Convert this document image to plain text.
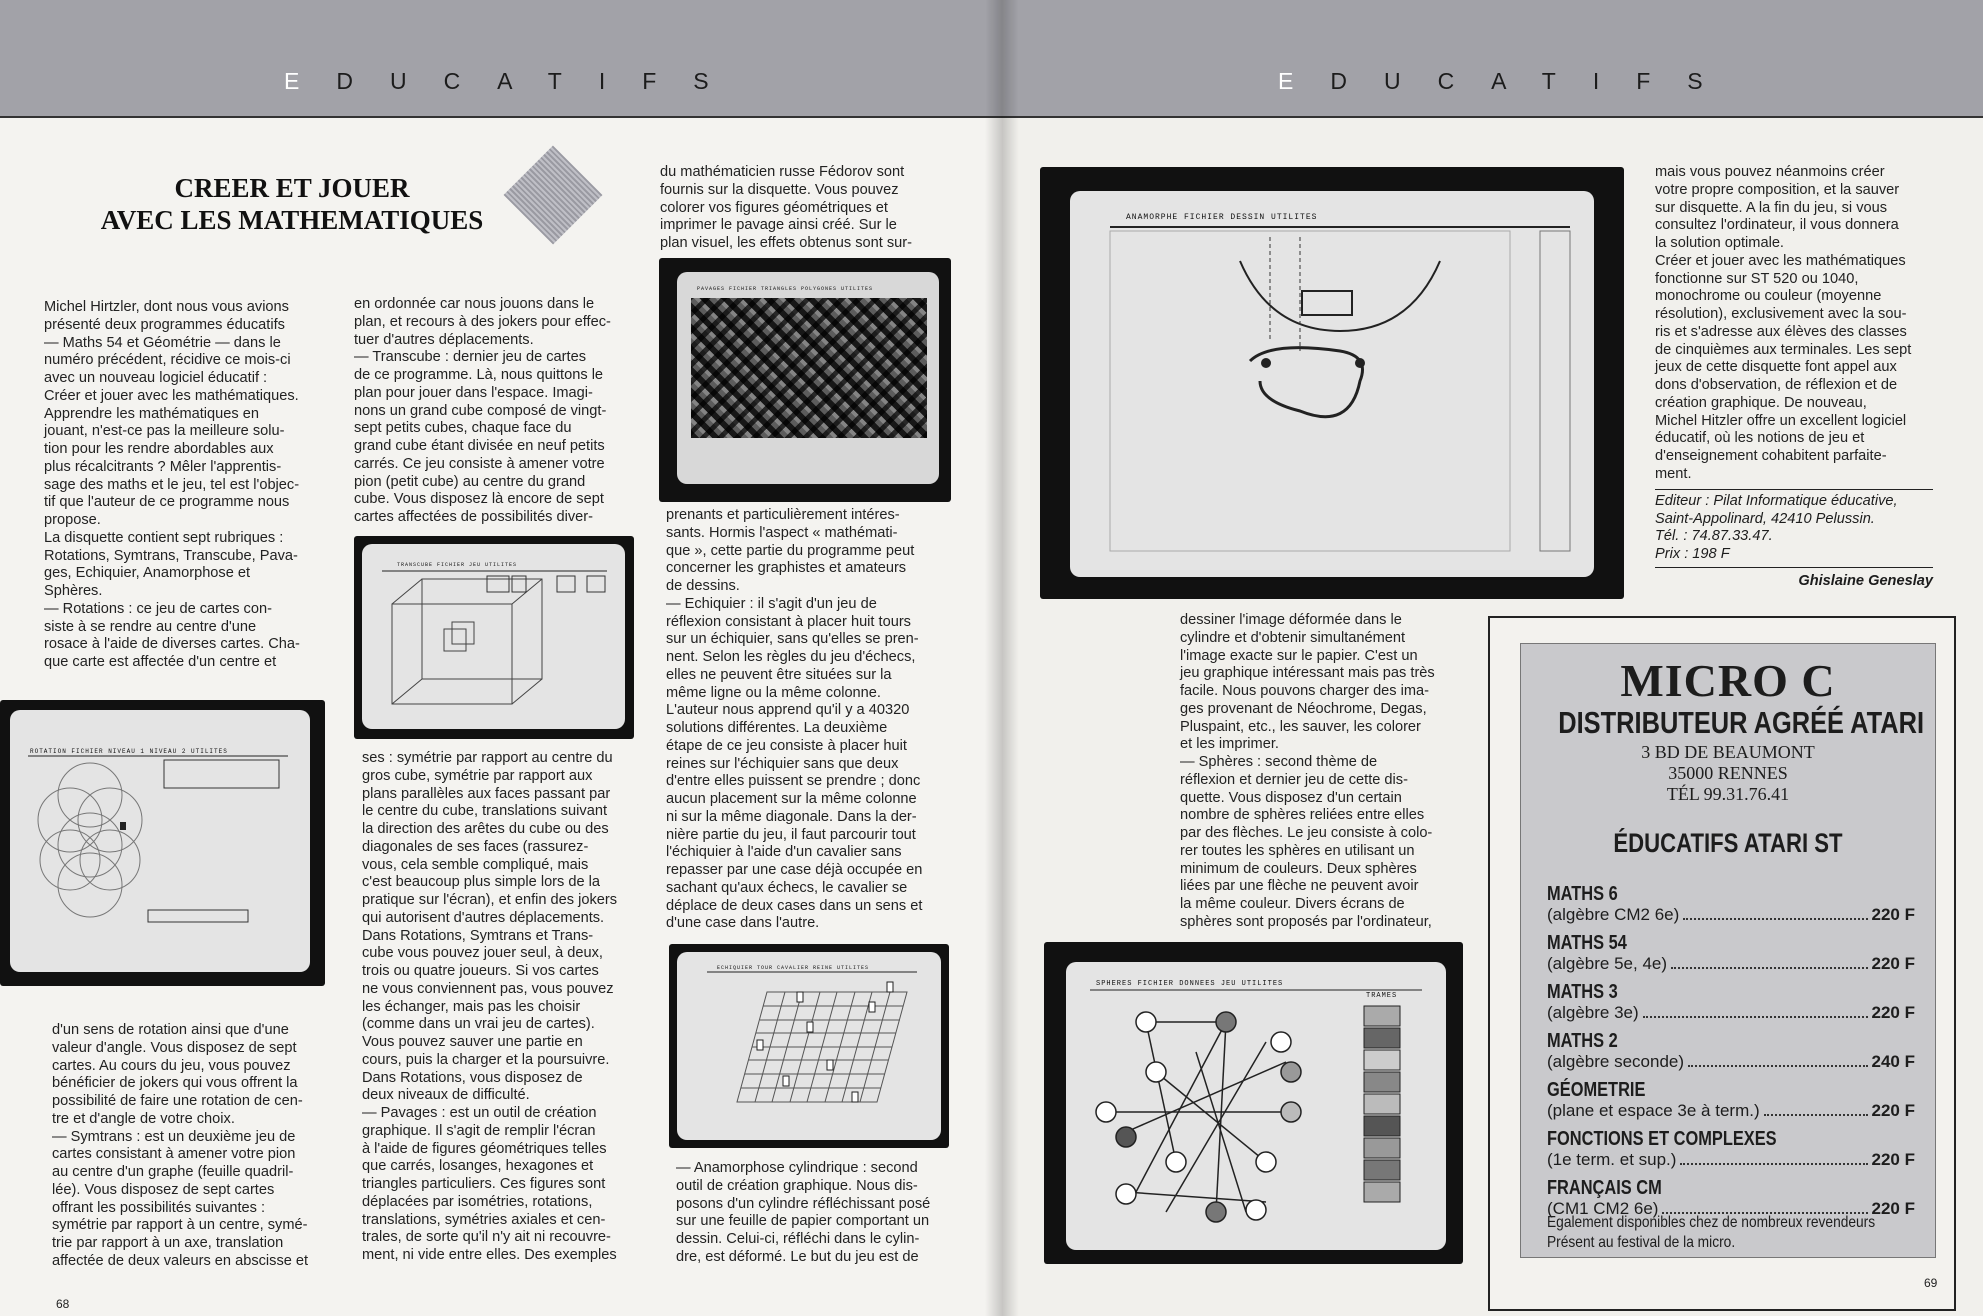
EDUCATIFS
CREER ET JOUER
AVEC LES MATHEMATIQUES

Michel Hirtzler, dont nous vous avions

présenté deux programmes éducatifs

— Maths 54 et Géométrie — dans le

numéro précédent, récidive ce mois-ci

avec un nouveau logiciel éducatif :

Créer et jouer avec les mathématiques.

Apprendre les mathématiques en

jouant, n'est-ce pas la meilleure solu-

tion pour les rendre abordables aux

plus récalcitrants ? Mêler l'apprentis-

sage des maths et le jeu, tel est l'objec-

tif que l'auteur de ce programme nous

propose.

La disquette contient sept rubriques :

Rotations, Symtrans, Transcube, Pava-

ges, Echiquier, Anamorphose et

Sphères.

— Rotations : ce jeu de cartes con-

siste à se rendre au centre d'une

rosace à l'aide de diverses cartes. Cha-

que carte est affectée d'un centre et

ROTATION FICHIER NIVEAU 1 NIVEAU 2 UTILITES

d'un sens de rotation ainsi que d'une

valeur d'angle. Vous disposez de sept

cartes. Au cours du jeu, vous pouvez

bénéficier de jokers qui vous offrent la

possibilité de faire une rotation de cen-

tre et d'angle de votre choix.

— Symtrans : est un deuxième jeu de

cartes consistant à amener votre pion

au centre d'un graphe (feuille quadril-

lée). Vous disposez de sept cartes

offrant les possibilités suivantes :

symétrie par rapport à un centre, symé-

trie par rapport à un axe, translation

affectée de deux valeurs en abscisse et

en ordonnée car nous jouons dans le

plan, et recours à des jokers pour effec-

tuer d'autres déplacements.

— Transcube : dernier jeu de cartes

de ce programme. Là, nous quittons le

plan pour jouer dans l'espace. Imagi-

nons un grand cube composé de vingt-

sept petits cubes, chaque face du

grand cube étant divisée en neuf petits

carrés. Ce jeu consiste à amener votre

pion (petit cube) au centre du grand

cube. Vous disposez là encore de sept

cartes affectées de possibilités diver-

TRANSCUBE FICHIER JEU UTILITES

ses : symétrie par rapport au centre du

gros cube, symétrie par rapport aux

plans parallèles aux faces passant par

le centre du cube, translations suivant

la direction des arêtes du cube ou des

diagonales de ses faces (rassurez-

vous, cela semble compliqué, mais

c'est beaucoup plus simple lors de la

pratique sur l'écran), et enfin des jokers

qui autorisent d'autres déplacements.

Dans Rotations, Symtrans et Trans-

cube vous pouvez jouer seul, à deux,

trois ou quatre joueurs. Si vos cartes

ne vous conviennent pas, vous pouvez

les échanger, mais pas les choisir

(comme dans un vrai jeu de cartes).

Vous pouvez sauver une partie en

cours, puis la charger et la poursuivre.

Dans Rotations, vous disposez de

deux niveaux de difficulté.

— Pavages : est un outil de création

graphique. Il s'agit de remplir l'écran

à l'aide de figures géométriques telles

que carrés, losanges, hexagones et

triangles particuliers. Ces figures sont

déplacées par isométries, rotations,

translations, symétries axiales et cen-

trales, de sorte qu'il n'y ait ni recouvre-

ment, ni vide entre elles. Des exemples

du mathématicien russe Fédorov sont

fournis sur la disquette. Vous pouvez

colorer vos figures géométriques et

imprimer le pavage ainsi créé. Sur le

plan visuel, les effets obtenus sont sur-

PAVAGES FICHIER TRIANGLES POLYGONES UTILITES

prenants et particulièrement intéres-

sants. Hormis l'aspect « mathémati-

que », cette partie du programme peut

concerner les graphistes et amateurs

de dessins.

— Echiquier : il s'agit d'un jeu de

réflexion consistant à placer huit tours

sur un échiquier, sans qu'elles se pren-

nent. Selon les règles du jeu d'échecs,

elles ne peuvent être situées sur la

même ligne ou la même colonne.

L'auteur nous apprend qu'il y a 40320

solutions différentes. La deuxième

étape de ce jeu consiste à placer huit

reines sur l'échiquier sans que deux

d'entre elles puissent se prendre ; donc

aucun placement sur la même colonne

ni sur la même diagonale. Dans la der-

nière partie du jeu, il faut parcourir tout

l'échiquier à l'aide d'un cavalier sans

repasser par une case déjà occupée en

sachant qu'aux échecs, le cavalier se

déplace de deux cases dans un sens et

d'une case dans l'autre.

ECHIQUIER TOUR CAVALIER REINE UTILITES

— Anamorphose cylindrique : second

outil de création graphique. Nous dis-

posons d'un cylindre réfléchissant posé

sur une feuille de papier comportant un

dessin. Celui-ci, réfléchi dans le cylin-

dre, est déformé. Le but du jeu est de

68
EDUCATIFS
ANAMORPHE FICHIER DESSIN UTILITES

dessiner l'image déformée dans le

cylindre et d'obtenir simultanément

l'image exacte sur le papier. C'est un

jeu graphique intéressant mais pas très

facile. Nous pouvons charger des ima-

ges provenant de Néochrome, Degas,

Pluspaint, etc., les sauver, les colorer

et les imprimer.

— Sphères : second thème de

réflexion et dernier jeu de cette dis-

quette. Vous disposez d'un certain

nombre de sphères reliées entre elles

par des flèches. Le jeu consiste à colo-

rer toutes les sphères en utilisant un

minimum de couleurs. Deux sphères

liées par une flèche ne peuvent avoir

la même couleur. Divers écrans de

sphères sont proposés par l'ordinateur,

SPHERES FICHIER DONNEES JEU UTILITES
TRAMES

mais vous pouvez néanmoins créer

votre propre composition, et la sauver

sur disquette. A la fin du jeu, si vous

consultez l'ordinateur, il vous donnera

la solution optimale.

Créer et jouer avec les mathématiques

fonctionne sur ST 520 ou 1040,

monochrome ou couleur (moyenne

résolution), exclusivement avec la sou-

ris et s'adresse aux élèves des classes

de cinquièmes aux terminales. Les sept

jeux de cette disquette font appel aux

dons d'observation, de réflexion et de

création graphique. De nouveau,

Michel Hitzler offre un excellent logiciel

éducatif, où les notions de jeu et

d'enseignement cohabitent parfaite-

ment.

Editeur : Pilat Informatique éducative,
Saint-Appolinard, 42410 Pelussin.
Tél. : 74.87.33.47.
Prix : 198 F
Ghislaine Geneslay
MICRO C
DISTRIBUTEUR AGRÉÉ ATARI
3 BD DE BEAUMONT
35000 RENNES
TÉL 99.31.76.41
ÉDUCATIFS ATARI ST
MATHS 6
(algèbre CM2 6e)	220 F
MATHS 54
(algèbre 5e, 4e)	220 F
MATHS 3
(algèbre 3e)	220 F
MATHS 2
(algèbre seconde)	240 F
GÉOMETRIE
(plane et espace 3e à term.)	220 F
FONCTIONS ET COMPLEXES
(1e term. et sup.)	220 F
FRANÇAIS CM
(CM1 CM2 6e)	220 F
Egalement disponibles chez de nombreux revendeurs
Présent au festival de la micro.
69
